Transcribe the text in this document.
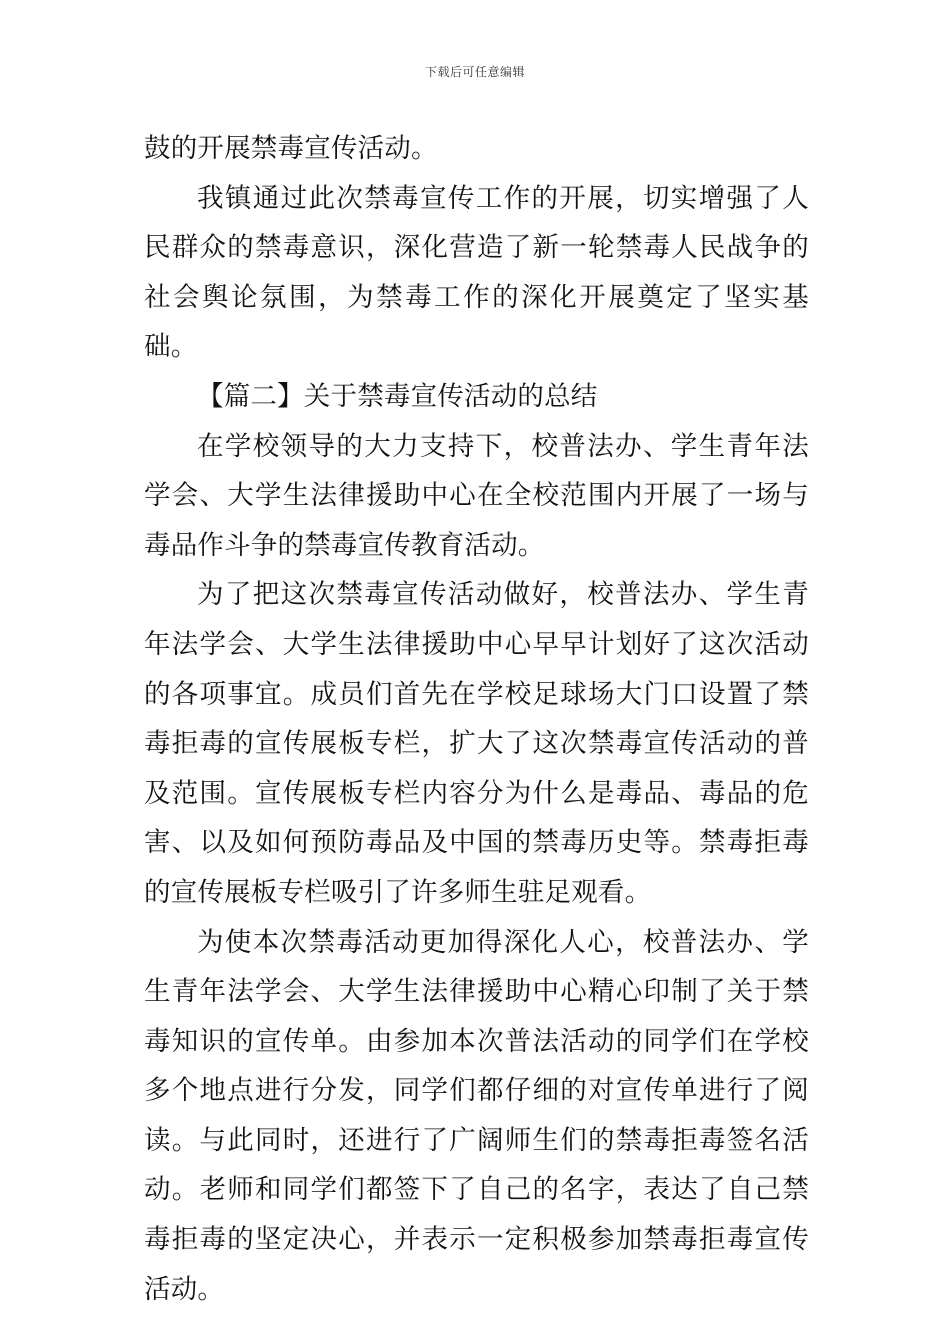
下载后可任意编辑

鼓的开展禁毒宣传活动。

我镇通过此次禁毒宣传工作的开展，切实增强了人民群众的禁毒意识，深化营造了新一轮禁毒人民战争的社会舆论氛围，为禁毒工作的深化开展奠定了坚实基础。

【篇二】关于禁毒宣传活动的总结

在学校领导的大力支持下，校普法办、学生青年法学会、大学生法律援助中心在全校范围内开展了一场与毒品作斗争的禁毒宣传教育活动。

为了把这次禁毒宣传活动做好，校普法办、学生青年法学会、大学生法律援助中心早早计划好了这次活动的各项事宜。成员们首先在学校足球场大门口设置了禁毒拒毒的宣传展板专栏，扩大了这次禁毒宣传活动的普及范围。宣传展板专栏内容分为什么是毒品、毒品的危害、以及如何预防毒品及中国的禁毒历史等。禁毒拒毒的宣传展板专栏吸引了许多师生驻足观看。

为使本次禁毒活动更加得深化人心，校普法办、学生青年法学会、大学生法律援助中心精心印制了关于禁毒知识的宣传单。由参加本次普法活动的同学们在学校多个地点进行分发，同学们都仔细的对宣传单进行了阅读。与此同时，还进行了广阔师生们的禁毒拒毒签名活动。老师和同学们都签下了自己的名字，表达了自己禁毒拒毒的坚定决心，并表示一定积极参加禁毒拒毒宣传活动。
